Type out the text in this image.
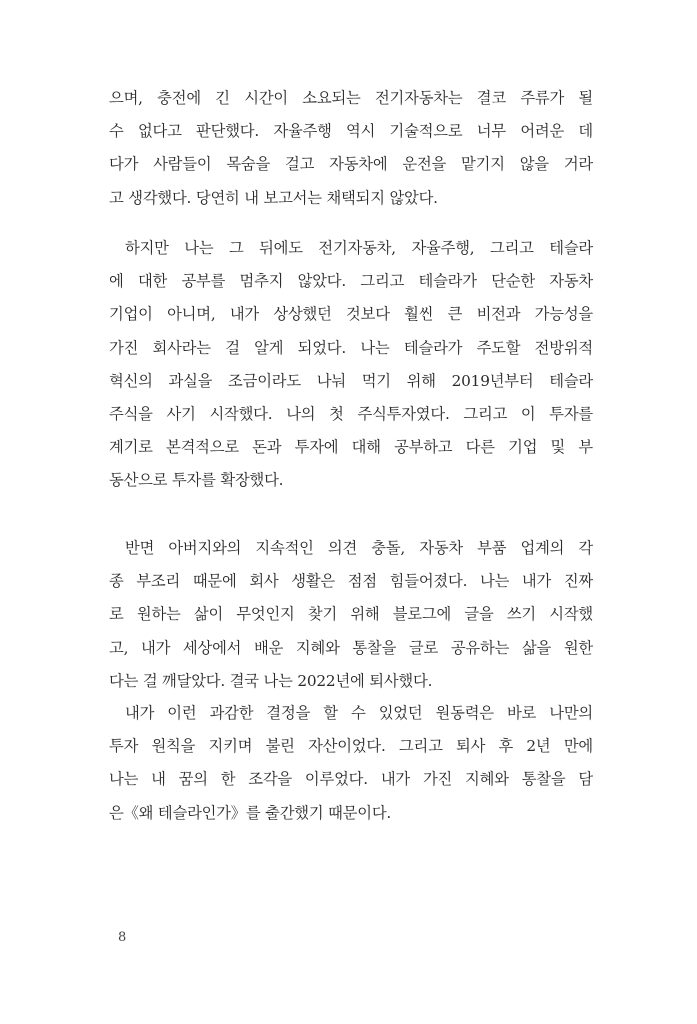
으며, 충전에 긴 시간이 소요되는 전기자동차는 결코 주류가 될
수 없다고 판단했다. 자율주행 역시 기술적으로 너무 어려운 데
다가 사람들이 목숨을 걸고 자동차에 운전을 맡기지 않을 거라
고 생각했다. 당연히 내 보고서는 채택되지 않았다.
하지만 나는 그 뒤에도 전기자동차, 자율주행, 그리고 테슬라
에 대한 공부를 멈추지 않았다. 그리고 테슬라가 단순한 자동차
기업이 아니며, 내가 상상했던 것보다 훨씬 큰 비전과 가능성을
가진 회사라는 걸 알게 되었다. 나는 테슬라가 주도할 전방위적
혁신의 과실을 조금이라도 나눠 먹기 위해 2019년부터 테슬라
주식을 사기 시작했다. 나의 첫 주식투자였다. 그리고 이 투자를
계기로 본격적으로 돈과 투자에 대해 공부하고 다른 기업 및 부
동산으로 투자를 확장했다.
반면 아버지와의 지속적인 의견 충돌, 자동차 부품 업계의 각
종 부조리 때문에 회사 생활은 점점 힘들어졌다. 나는 내가 진짜
로 원하는 삶이 무엇인지 찾기 위해 블로그에 글을 쓰기 시작했
고, 내가 세상에서 배운 지혜와 통찰을 글로 공유하는 삶을 원한
다는 걸 깨달았다. 결국 나는 2022년에 퇴사했다.
내가 이런 과감한 결정을 할 수 있었던 원동력은 바로 나만의
투자 원칙을 지키며 불린 자산이었다. 그리고 퇴사 후 2년 만에
나는 내 꿈의 한 조각을 이루었다. 내가 가진 지혜와 통찰을 담
은《왜 테슬라인가》를 출간했기 때문이다.
8
